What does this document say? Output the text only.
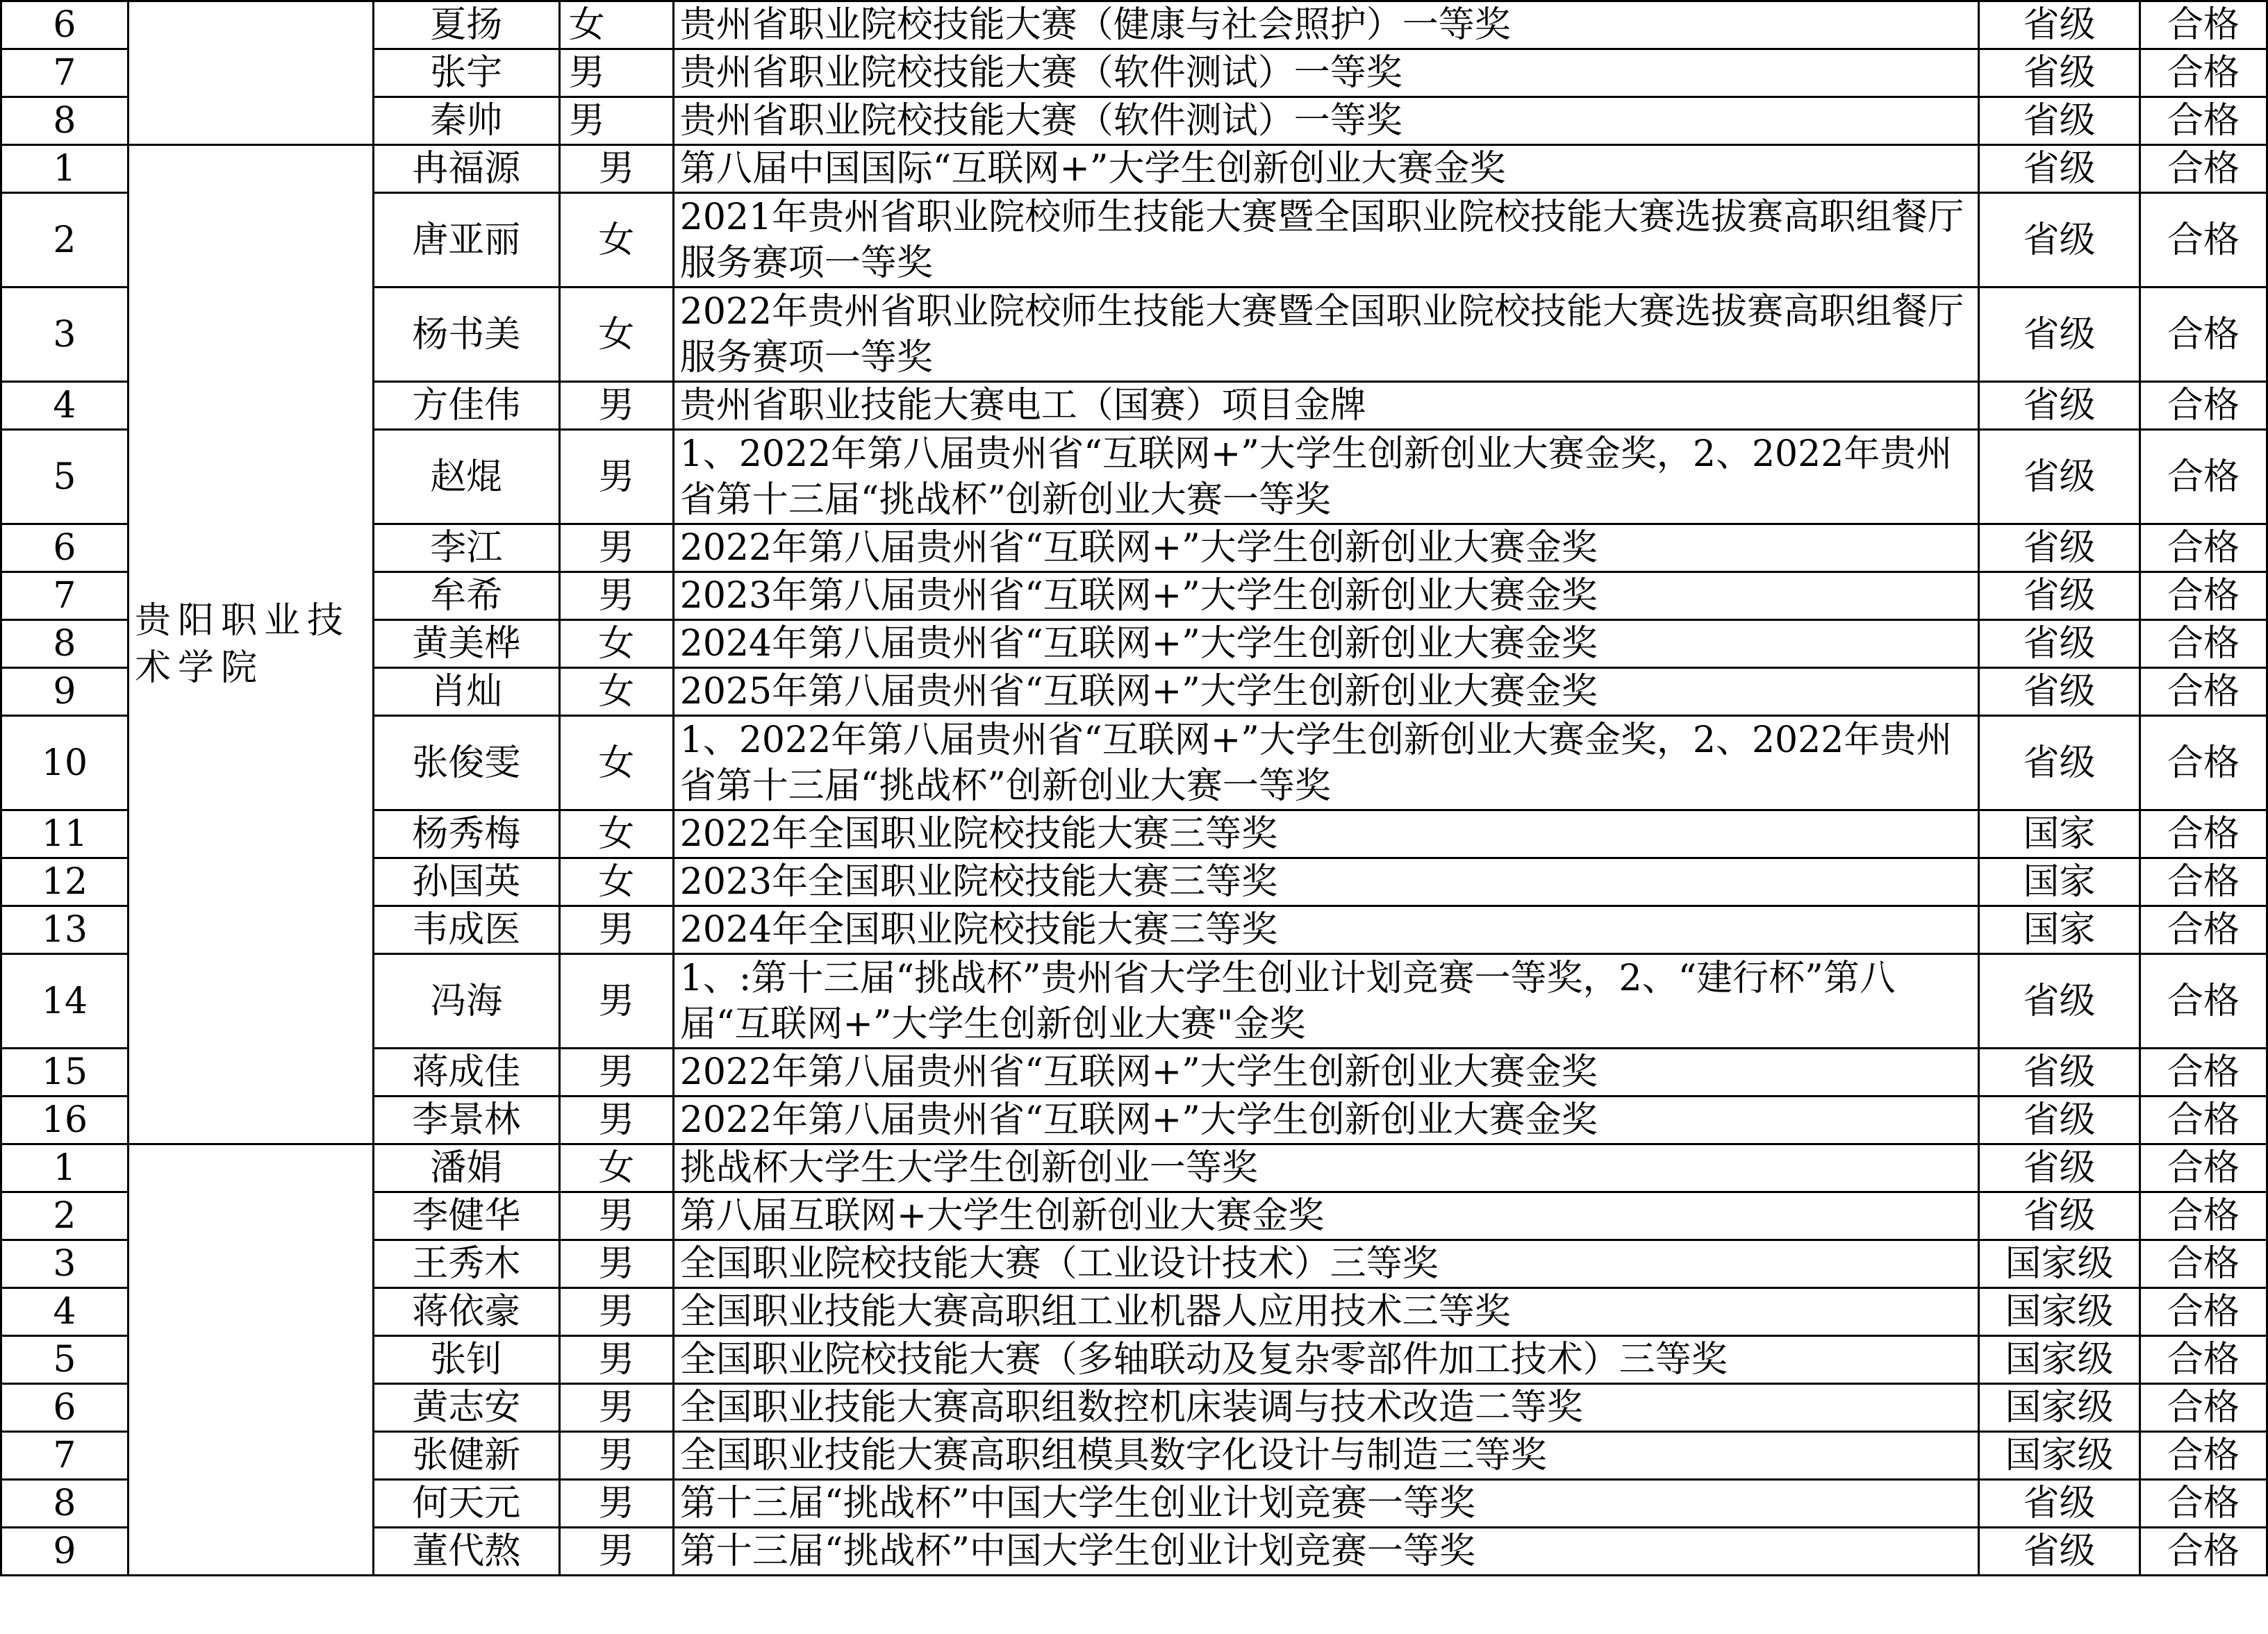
6		夏扬	女	贵州省职业院校技能大赛（健康与社会照护）一等奖	省级	合格
7		张宇	男	贵州省职业院校技能大赛（软件测试）一等奖	省级	合格
8		秦帅	男	贵州省职业院校技能大赛（软件测试）一等奖	省级	合格
1	贵阳职业技术学院	冉福源	男	第八届中国国际“互联网+”大学生创新创业大赛金奖	省级	合格
2		唐亚丽	女	2021年贵州省职业院校师生技能大赛暨全国职业院校技能大赛选拔赛高职组餐厅服务赛项一等奖	省级	合格
3		杨书美	女	2022年贵州省职业院校师生技能大赛暨全国职业院校技能大赛选拔赛高职组餐厅服务赛项一等奖	省级	合格
4		方佳伟	男	贵州省职业技能大赛电工（国赛）项目金牌	省级	合格
5		赵焜	男	1、2022年第八届贵州省“互联网+”大学生创新创业大赛金奖，2、2022年贵州省第十三届“挑战杯”创新创业大赛一等奖	省级	合格
6		李江	男	2022年第八届贵州省“互联网+”大学生创新创业大赛金奖	省级	合格
7		牟希	男	2023年第八届贵州省“互联网+”大学生创新创业大赛金奖	省级	合格
8		黄美桦	女	2024年第八届贵州省“互联网+”大学生创新创业大赛金奖	省级	合格
9		肖灿	女	2025年第八届贵州省“互联网+”大学生创新创业大赛金奖	省级	合格
10		张俊雯	女	1、2022年第八届贵州省“互联网+”大学生创新创业大赛金奖，2、2022年贵州省第十三届“挑战杯”创新创业大赛一等奖	省级	合格
11		杨秀梅	女	2022年全国职业院校技能大赛三等奖	国家	合格
12		孙国英	女	2023年全国职业院校技能大赛三等奖	国家	合格
13		韦成医	男	2024年全国职业院校技能大赛三等奖	国家	合格
14		冯海	男	1、:第十三届“挑战杯”贵州省大学生创业计划竞赛一等奖，2、“建行杯”第八届“互联网+”大学生创新创业大赛"金奖	省级	合格
15		蒋成佳	男	2022年第八届贵州省“互联网+”大学生创新创业大赛金奖	省级	合格
16		李景林	男	2022年第八届贵州省“互联网+”大学生创新创业大赛金奖	省级	合格
1		潘娟	女	挑战杯大学生大学生创新创业一等奖	省级	合格
2		李健华	男	第八届互联网+大学生创新创业大赛金奖	省级	合格
3		王秀木	男	全国职业院校技能大赛（工业设计技术）三等奖	国家级	合格
4		蒋依豪	男	全国职业技能大赛高职组工业机器人应用技术三等奖	国家级	合格
5		张钊	男	全国职业院校技能大赛（多轴联动及复杂零部件加工技术）三等奖	国家级	合格
6		黄志安	男	全国职业技能大赛高职组数控机床装调与技术改造二等奖	国家级	合格
7		张健新	男	全国职业技能大赛高职组模具数字化设计与制造三等奖	国家级	合格
8		何天元	男	第十三届“挑战杯”中国大学生创业计划竞赛一等奖	省级	合格
9		董代熬	男	第十三届“挑战杯”中国大学生创业计划竞赛一等奖	省级	合格
